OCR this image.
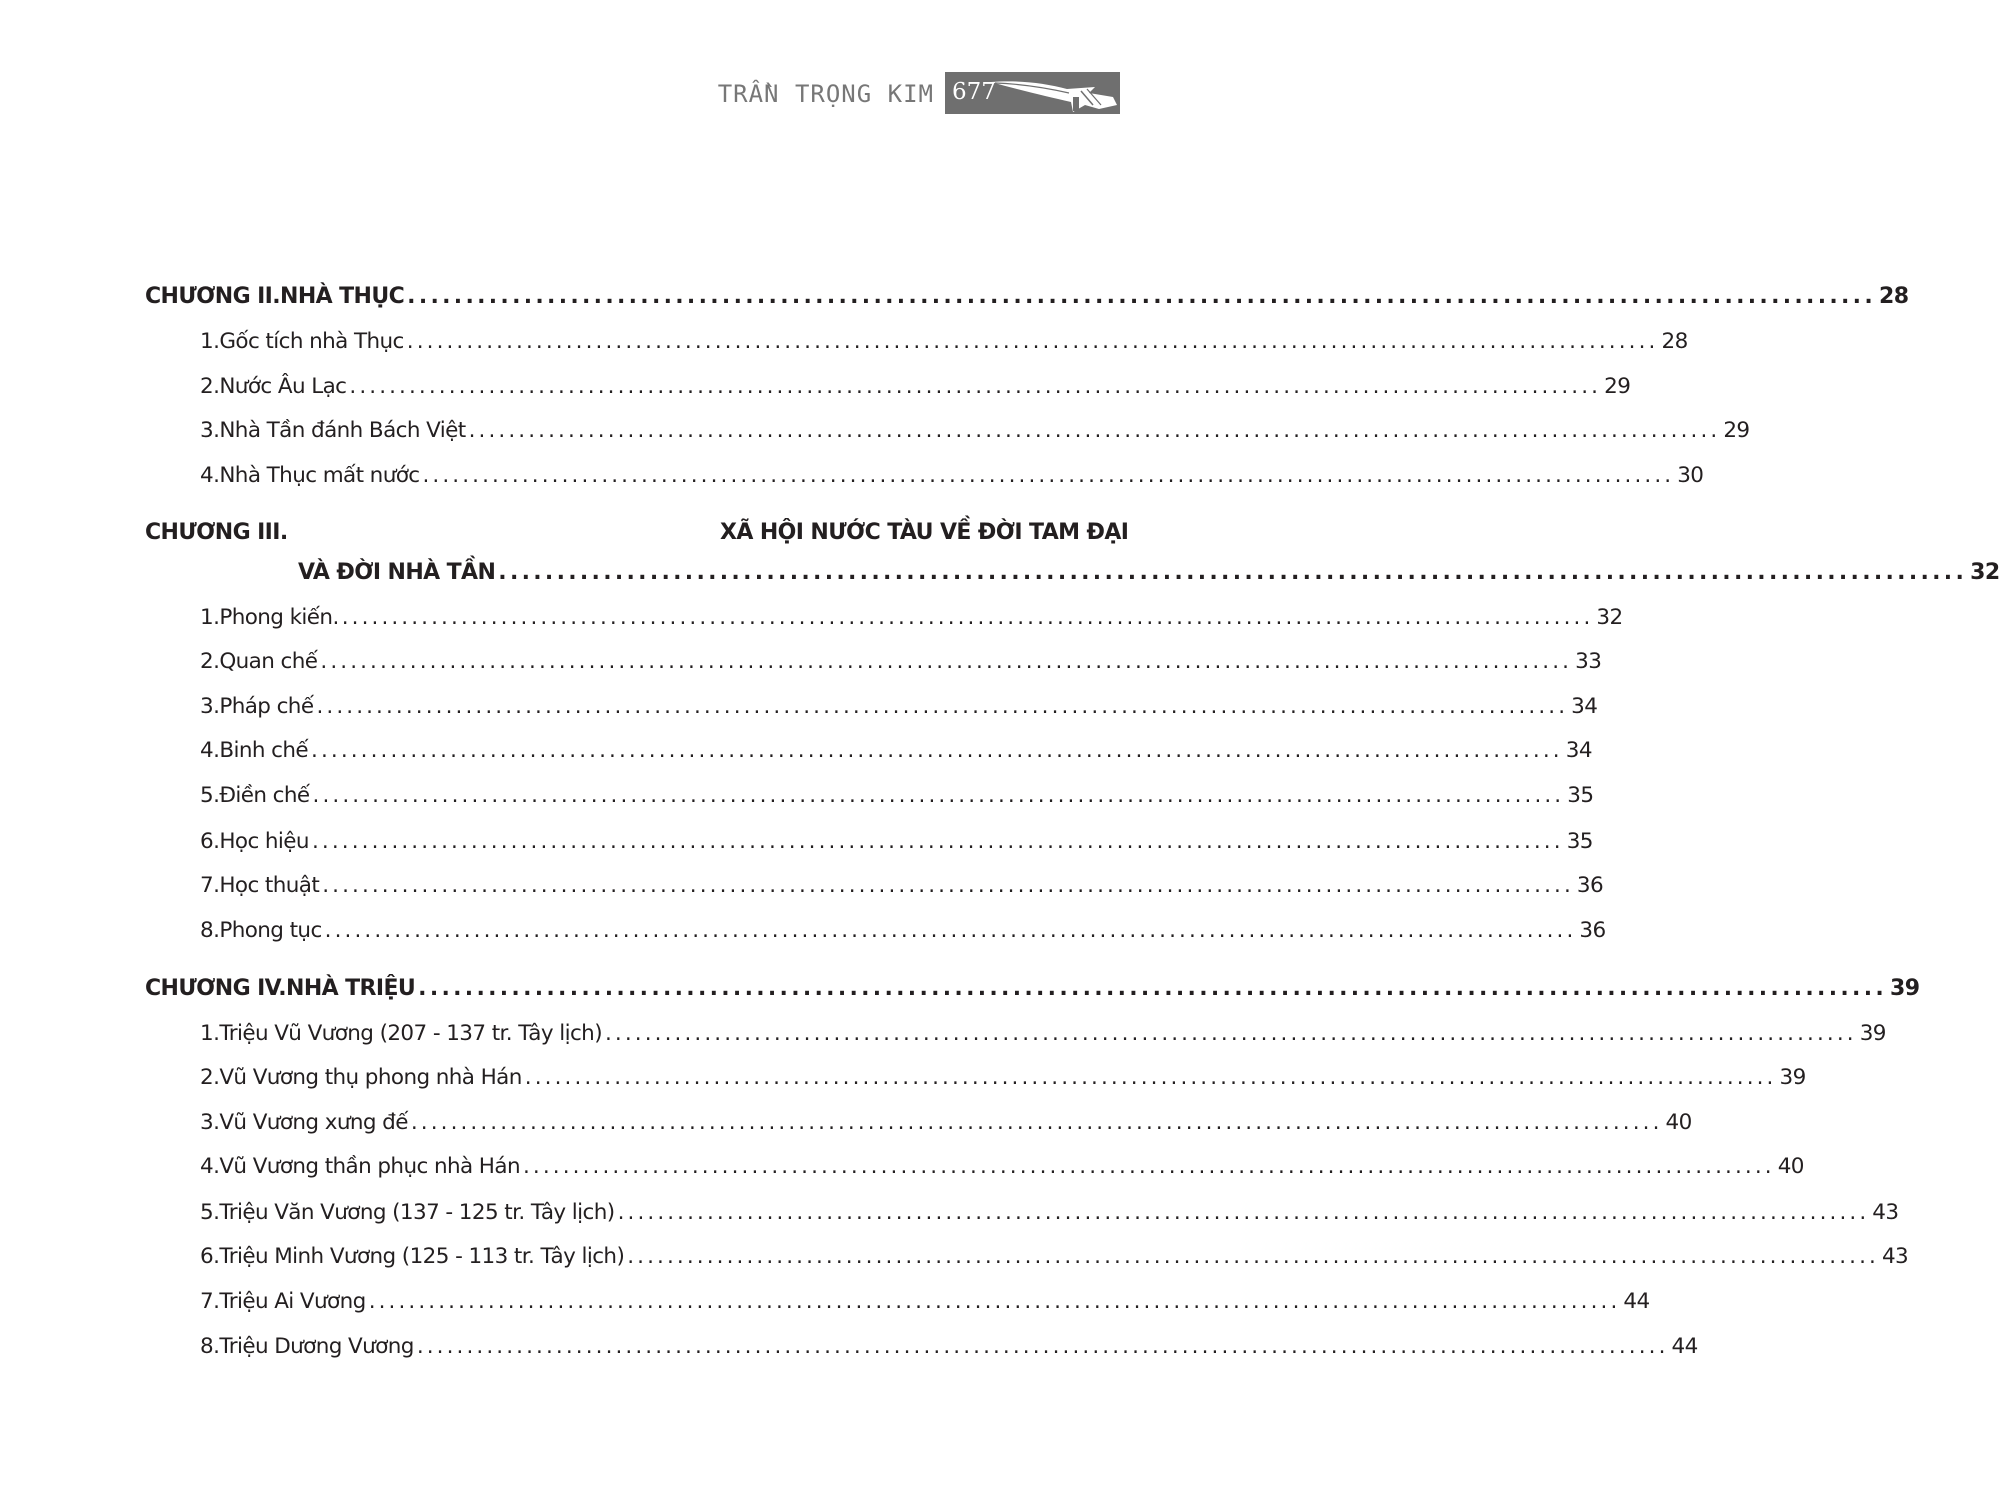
TRẦN TRỌNG KIM 677
CHƯƠNG II. NHÀ THỤC .............................................................................................................................. 28
1. Gốc tích nhà Thục .............................................................................................................................. 28
2. Nước Âu Lạc .............................................................................................................................. 29
3. Nhà Tần đánh Bách Việt .............................................................................................................................. 29
4. Nhà Thục mất nước .............................................................................................................................. 30
CHƯƠNG III.	XÃ HỘI NƯỚC TÀU VỀ ĐỜI TAM ĐẠI
VÀ ĐỜI NHÀ TẦN .............................................................................................................................. 32
1. Phong kiến. .............................................................................................................................. 32
2. Quan chế .............................................................................................................................. 33
3. Pháp chế .............................................................................................................................. 34
4. Binh chế .............................................................................................................................. 34
5. Điền chế .............................................................................................................................. 35
6. Học hiệu .............................................................................................................................. 35
7. Học thuật .............................................................................................................................. 36
8. Phong tục .............................................................................................................................. 36
CHƯƠNG IV. NHÀ TRIỆU .............................................................................................................................. 39
1. Triệu Vũ Vương (207 - 137 tr. Tây lịch) .............................................................................................................................. 39
2. Vũ Vương thụ phong nhà Hán .............................................................................................................................. 39
3. Vũ Vương xưng đế .............................................................................................................................. 40
4. Vũ Vương thần phục nhà Hán .............................................................................................................................. 40
5. Triệu Văn Vương (137 - 125 tr. Tây lịch) .............................................................................................................................. 43
6. Triệu Minh Vương (125 - 113 tr. Tây lịch) .............................................................................................................................. 43
7. Triệu Ai Vương .............................................................................................................................. 44
8. Triệu Dương Vương .............................................................................................................................. 44
